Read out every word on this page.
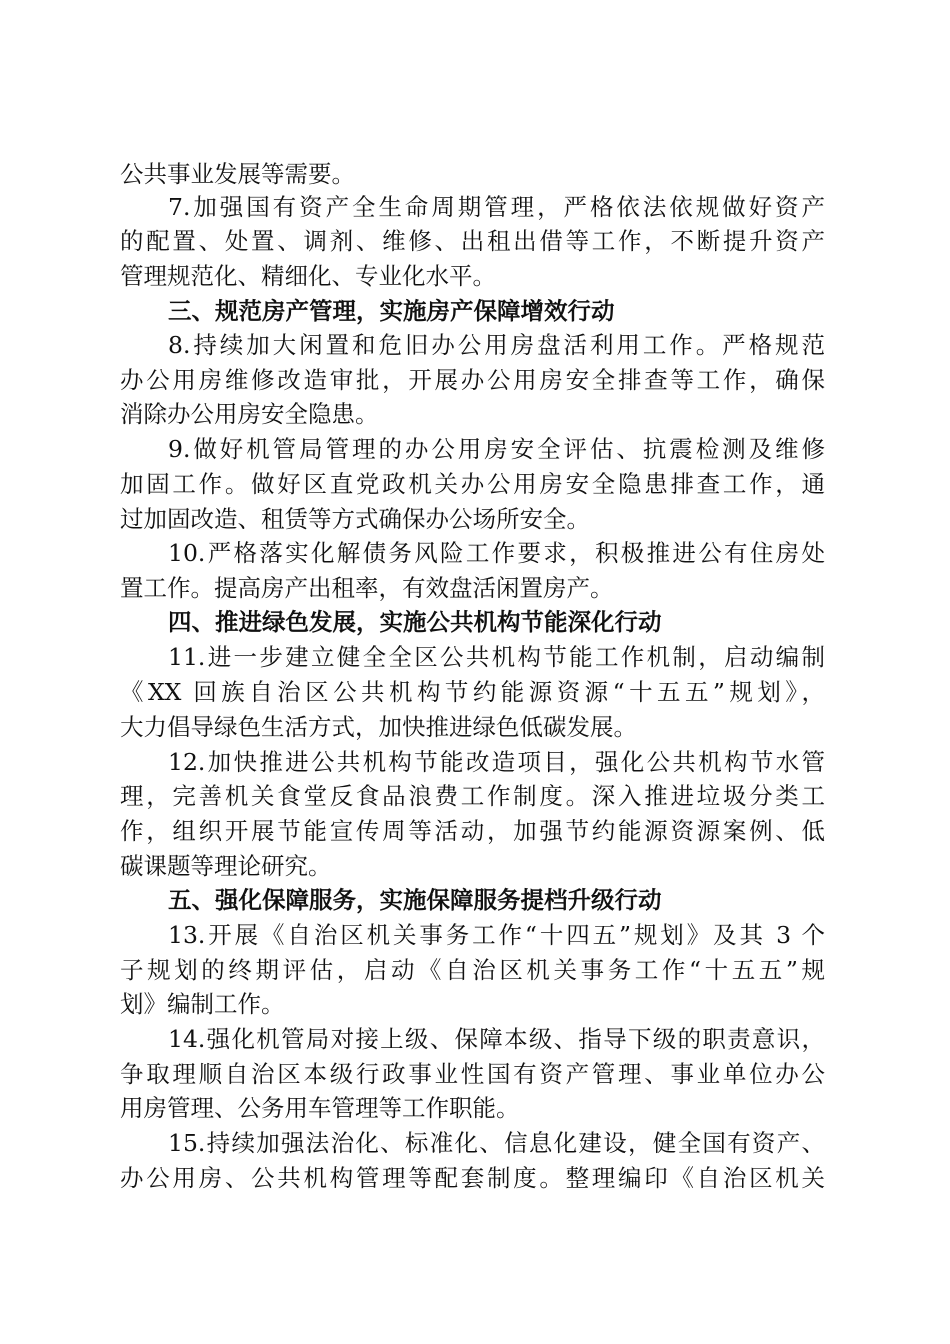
公共事业发展等需要。
7.加强国有资产全生命周期管理，严格依法依规做好资产
的配置、处置、调剂、维修、出租出借等工作，不断提升资产
管理规范化、精细化、专业化水平。
三、规范房产管理，实施房产保障增效行动
8.持续加大闲置和危旧办公用房盘活利用工作。严格规范
办公用房维修改造审批，开展办公用房安全排查等工作，确保
消除办公用房安全隐患。
9.做好机管局管理的办公用房安全评估、抗震检测及维修
加固工作。做好区直党政机关办公用房安全隐患排查工作，通
过加固改造、租赁等方式确保办公场所安全。
10.严格落实化解债务风险工作要求，积极推进公有住房处
置工作。提高房产出租率，有效盘活闲置房产。
四、推进绿色发展，实施公共机构节能深化行动
11.进一步建立健全全区公共机构节能工作机制，启动编制
《XX 回族自治区公共机构节约能源资源“十五五”规划》，
大力倡导绿色生活方式，加快推进绿色低碳发展。
12.加快推进公共机构节能改造项目，强化公共机构节水管
理，完善机关食堂反食品浪费工作制度。深入推进垃圾分类工
作，组织开展节能宣传周等活动，加强节约能源资源案例、低
碳课题等理论研究。
五、强化保障服务，实施保障服务提档升级行动
13.开展《自治区机关事务工作“十四五”规划》及其 3 个
子规划的终期评估，启动《自治区机关事务工作“十五五”规
划》编制工作。
14.强化机管局对接上级、保障本级、指导下级的职责意识，
争取理顺自治区本级行政事业性国有资产管理、事业单位办公
用房管理、公务用车管理等工作职能。
15.持续加强法治化、标准化、信息化建设，健全国有资产、
办公用房、公共机构管理等配套制度。整理编印《自治区机关
